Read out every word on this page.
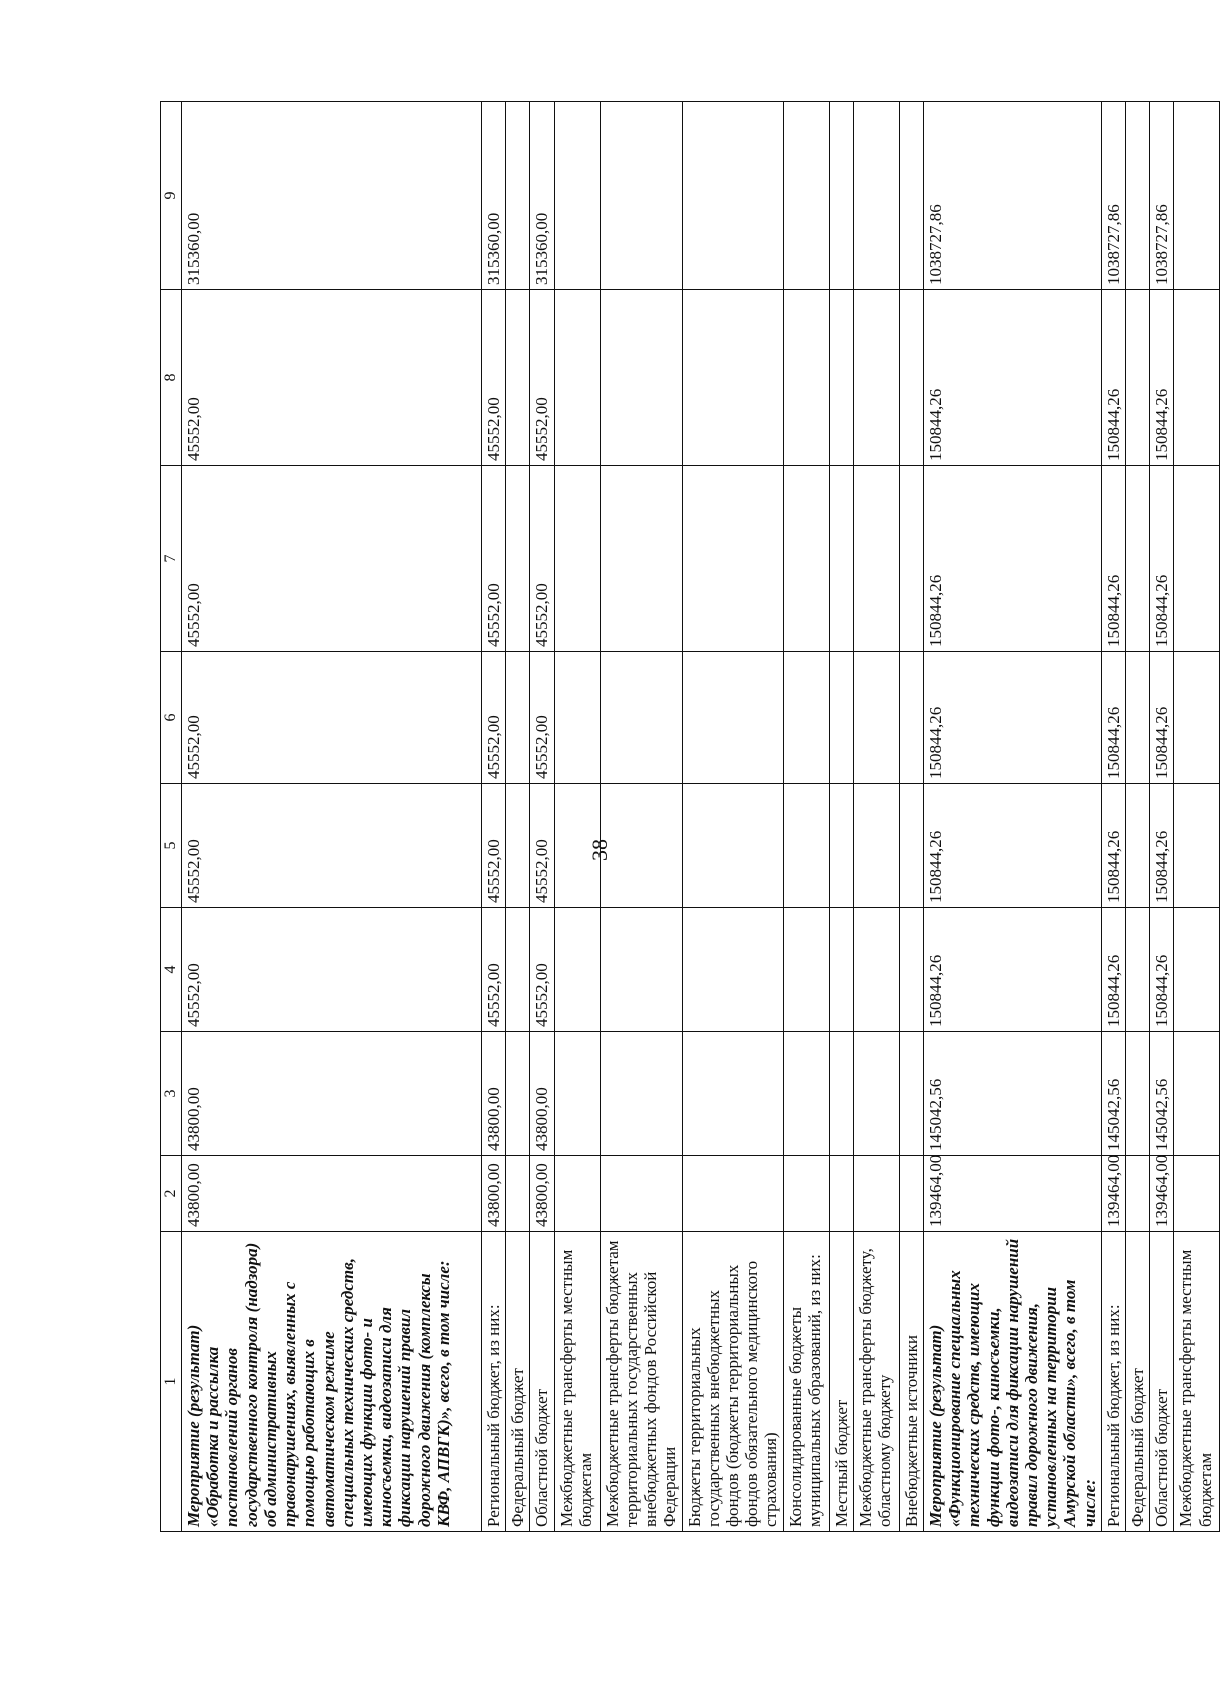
38
1	2	3	4	5	6	7	8	9
Мероприятие (результат) «Обработка и рассылка постановлений органов государственного контроля (надзора) об административных правонарушениях, выявленных с помощью работающих в автоматическом режиме специальных технических средств, имеющих функции фото- и киносъемки, видеозаписи для фиксации нарушений правил дорожного движения (комплексы КВФ, АПВГК)», всего, в том числе:	43800,00	43800,00	45552,00	45552,00	45552,00	45552,00	45552,00	315360,00
Региональный бюджет, из них:	43800,00	43800,00	45552,00	45552,00	45552,00	45552,00	45552,00	315360,00
Федеральный бюджет								
Областной бюджет	43800,00	43800,00	45552,00	45552,00	45552,00	45552,00	45552,00	315360,00
Межбюджетные трансферты местным бюджетам								
Межбюджетные трансферты бюджетам территориальных государственных внебюджетных фондов Российской Федерации								
Бюджеты территориальных государственных внебюджетных фондов (бюджеты территориальных фондов обязательного медицинского страхования)								
Консолидированные бюджеты муниципальных образований, из них:								
Местный бюджет								
Межбюджетные трансферты бюджету, областному бюджету								
Внебюджетные источники								
Мероприятие (результат) «Функционирование специальных технических средств, имеющих функции фото-, киносъемки, видеозаписи для фиксации нарушений правил дорожного движения, установленных на территории Амурской области», всего, в том числе:	139464,00	145042,56	150844,26	150844,26	150844,26	150844,26	150844,26	1038727,86
Региональный бюджет, из них:	139464,00	145042,56	150844,26	150844,26	150844,26	150844,26	150844,26	1038727,86
Федеральный бюджет								
Областной бюджет	139464,00	145042,56	150844,26	150844,26	150844,26	150844,26	150844,26	1038727,86
Межбюджетные трансферты местным бюджетам								
